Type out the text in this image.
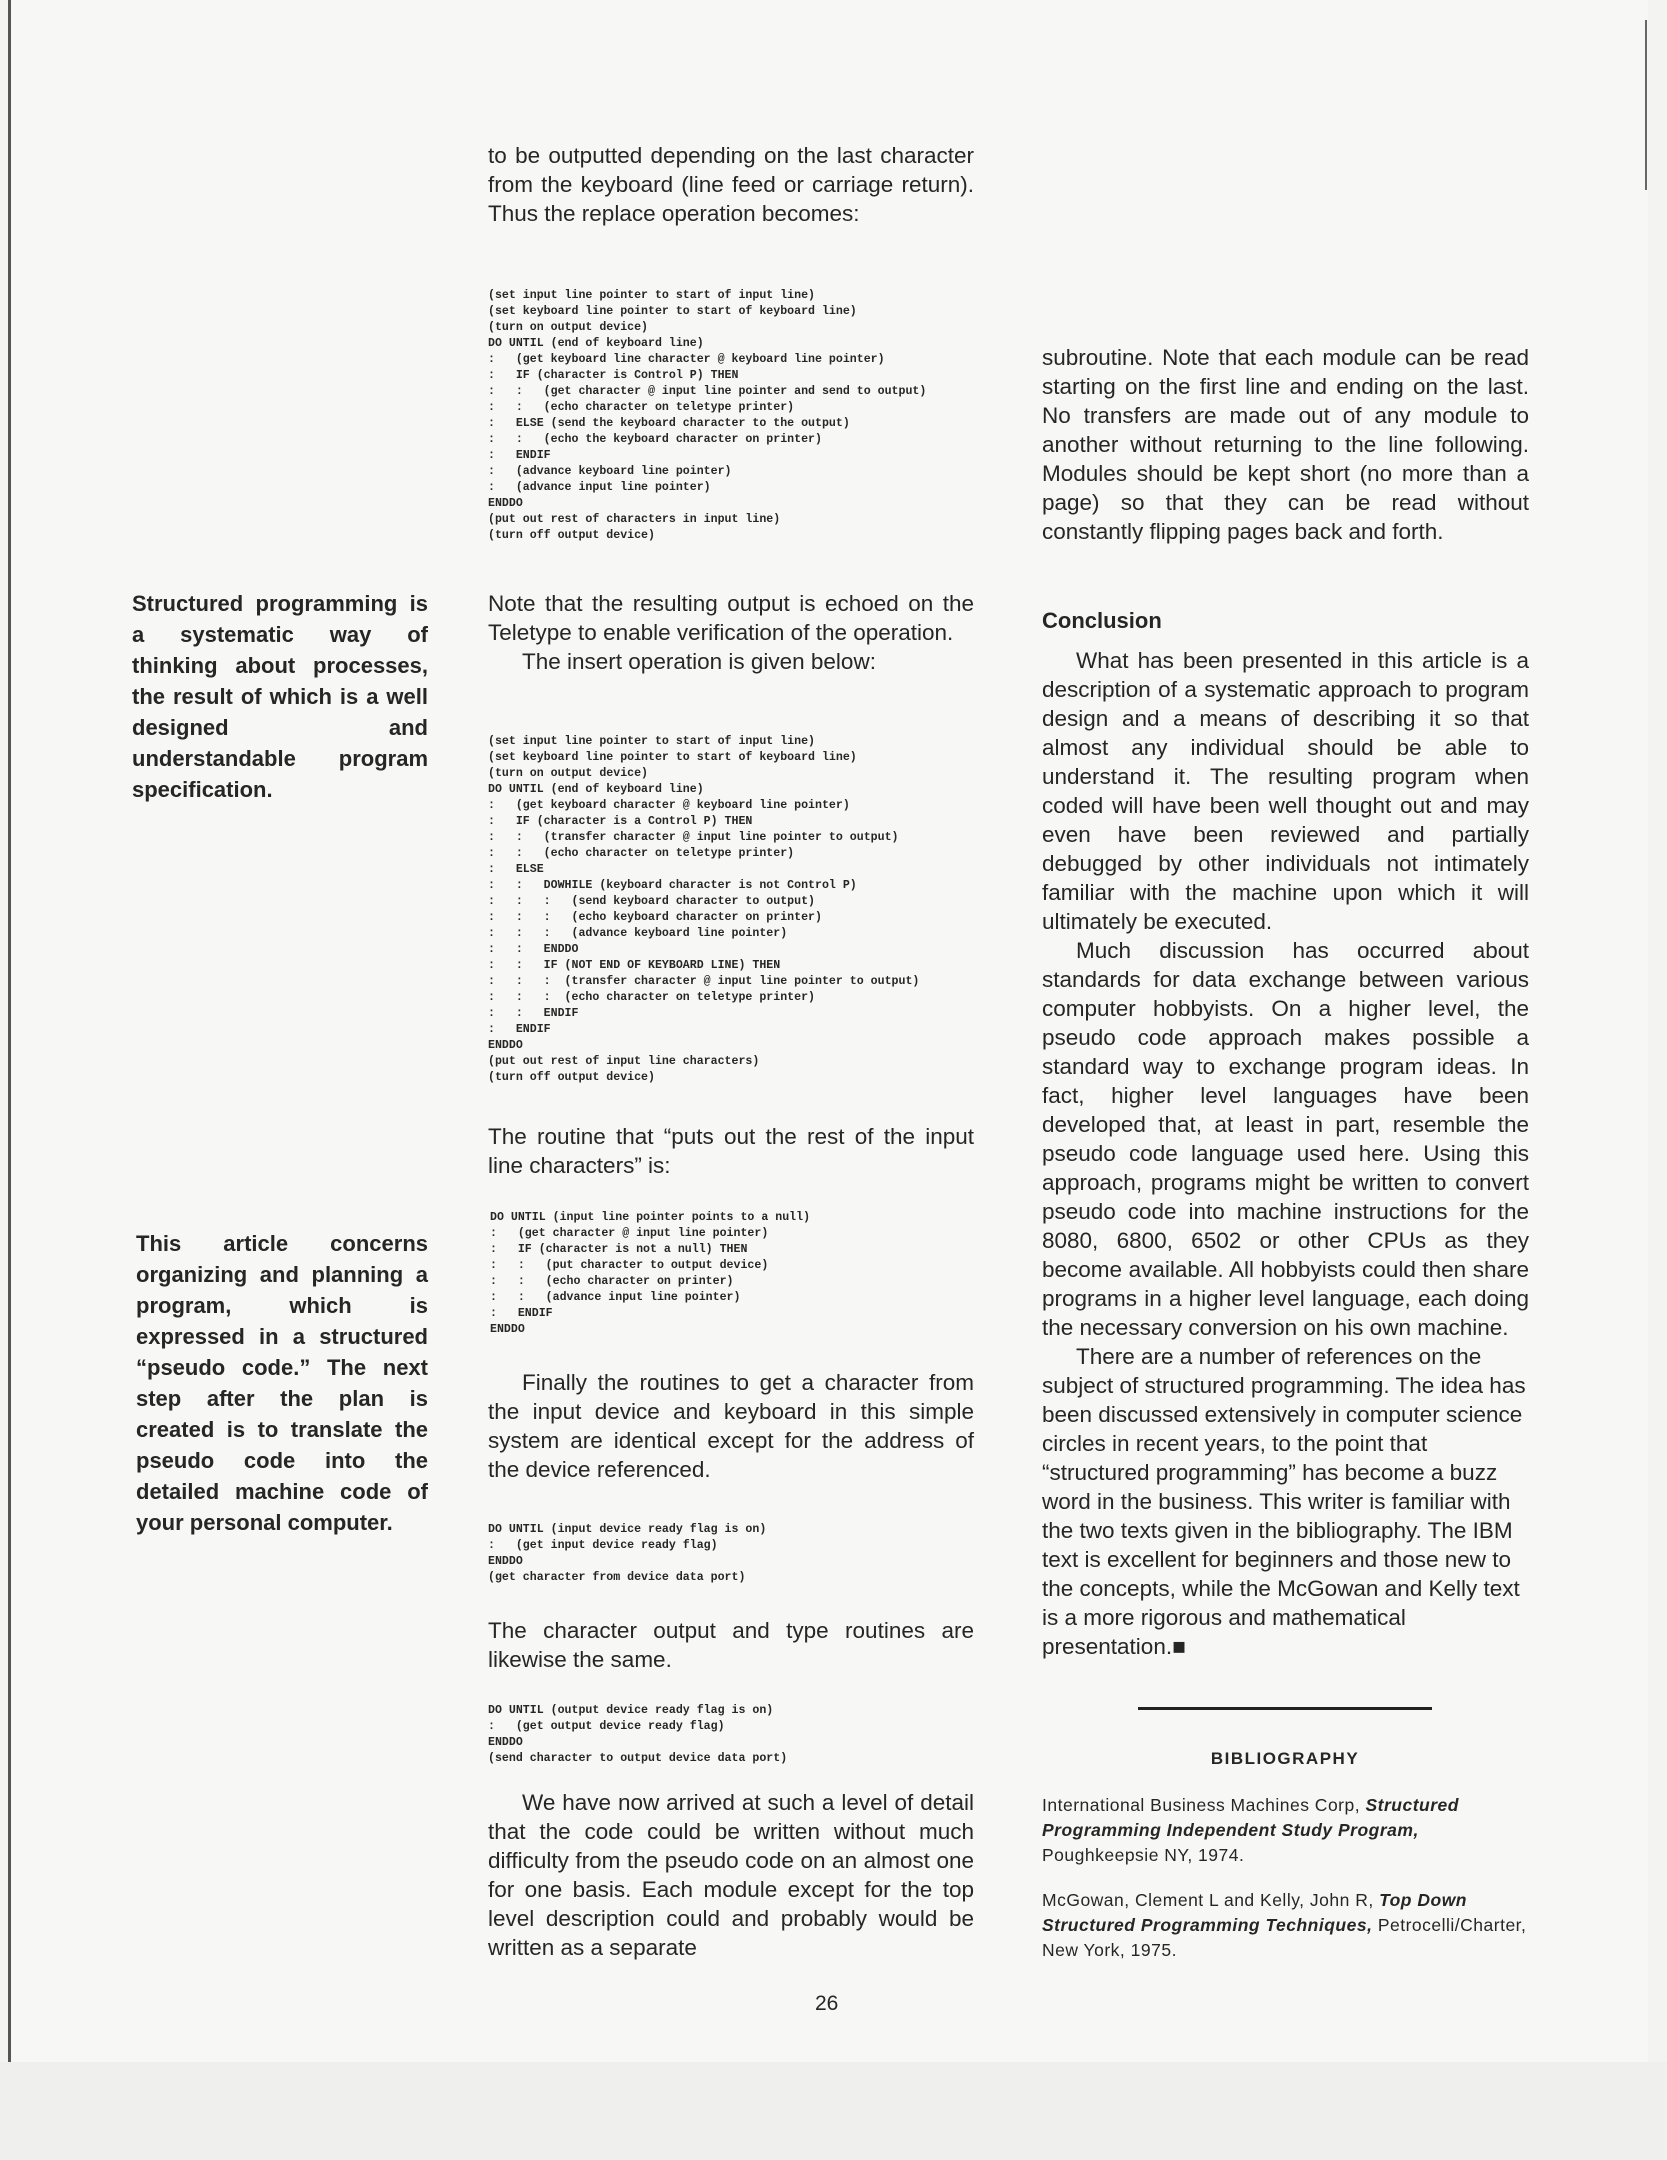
Structured programming is a systematic way of thinking about processes, the result of which is a well designed and understandable program specification.

This article concerns organizing and planning a program, which is expressed in a structured “pseudo code.” The next step after the plan is created is to translate the pseudo code into the detailed machine code of your personal computer.

to be outputted depending on the last character from the keyboard (line feed or carriage return). Thus the replace operation becomes:

(set input line pointer to start of input line)
(set keyboard line pointer to start of keyboard line)
(turn on output device)
DO UNTIL (end of keyboard line)
:   (get keyboard line character @ keyboard line pointer)
:   IF (character is Control P) THEN
:   :   (get character @ input line pointer and send to output)
:   :   (echo character on teletype printer)
:   ELSE (send the keyboard character to the output)
:   :   (echo the keyboard character on printer)
:   ENDIF
:   (advance keyboard line pointer)
:   (advance input line pointer)
ENDDO
(put out rest of characters in input line)
(turn off output device)

Note that the resulting output is echoed on the Teletype to enable verification of the operation.

The insert operation is given below:

(set input line pointer to start of input line)
(set keyboard line pointer to start of keyboard line)
(turn on output device)
DO UNTIL (end of keyboard line)
:   (get keyboard character @ keyboard line pointer)
:   IF (character is a Control P) THEN
:   :   (transfer character @ input line pointer to output)
:   :   (echo character on teletype printer)
:   ELSE
:   :   DOWHILE (keyboard character is not Control P)
:   :   :   (send keyboard character to output)
:   :   :   (echo keyboard character on printer)
:   :   :   (advance keyboard line pointer)
:   :   ENDDO
:   :   IF (NOT END OF KEYBOARD LINE) THEN
:   :   :  (transfer character @ input line pointer to output)
:   :   :  (echo character on teletype printer)
:   :   ENDIF
:   ENDIF
ENDDO
(put out rest of input line characters)
(turn off output device)

The routine that “puts out the rest of the input line characters” is:

DO UNTIL (input line pointer points to a null)
:   (get character @ input line pointer)
:   IF (character is not a null) THEN
:   :   (put character to output device)
:   :   (echo character on printer)
:   :   (advance input line pointer)
:   ENDIF
ENDDO

Finally the routines to get a character from the input device and keyboard in this simple system are identical except for the address of the device referenced.

DO UNTIL (input device ready flag is on)
:   (get input device ready flag)
ENDDO
(get character from device data port)

The character output and type routines are likewise the same.

DO UNTIL (output device ready flag is on)
:   (get output device ready flag)
ENDDO
(send character to output device data port)

We have now arrived at such a level of detail that the code could be written without much difficulty from the pseudo code on an almost one for one basis. Each module except for the top level description could and probably would be written as a separate

subroutine. Note that each module can be read starting on the first line and ending on the last. No transfers are made out of any module to another without returning to the line following. Modules should be kept short (no more than a page) so that they can be read without constantly flipping pages back and forth.

Conclusion

What has been presented in this article is a description of a systematic approach to program design and a means of describing it so that almost any individual should be able to understand it. The resulting program when coded will have been well thought out and may even have been reviewed and partially debugged by other individuals not intimately familiar with the machine upon which it will ultimately be executed.

Much discussion has occurred about standards for data exchange between various computer hobbyists. On a higher level, the pseudo code approach makes possible a standard way to exchange program ideas. In fact, higher level languages have been developed that, at least in part, resemble the pseudo code language used here. Using this approach, programs might be written to convert pseudo code into machine instructions for the 8080, 6800, 6502 or other CPUs as they become available. All hobbyists could then share programs in a higher level language, each doing the necessary conversion on his own machine.

There are a number of references on the subject of structured programming. The idea has been discussed extensively in computer science circles in recent years, to the point that “structured programming” has become a buzz word in the business. This writer is familiar with the two texts given in the bibliography. The IBM text is excellent for beginners and those new to the concepts, while the McGowan and Kelly text is a more rigorous and mathematical presentation.■

BIBLIOGRAPHY

International Business Machines Corp, Structured Programming Independent Study Program, Poughkeepsie NY, 1974.

McGowan, Clement L and Kelly, John R, Top Down Structured Programming Techniques, Petrocelli/Charter, New York, 1975.

26
